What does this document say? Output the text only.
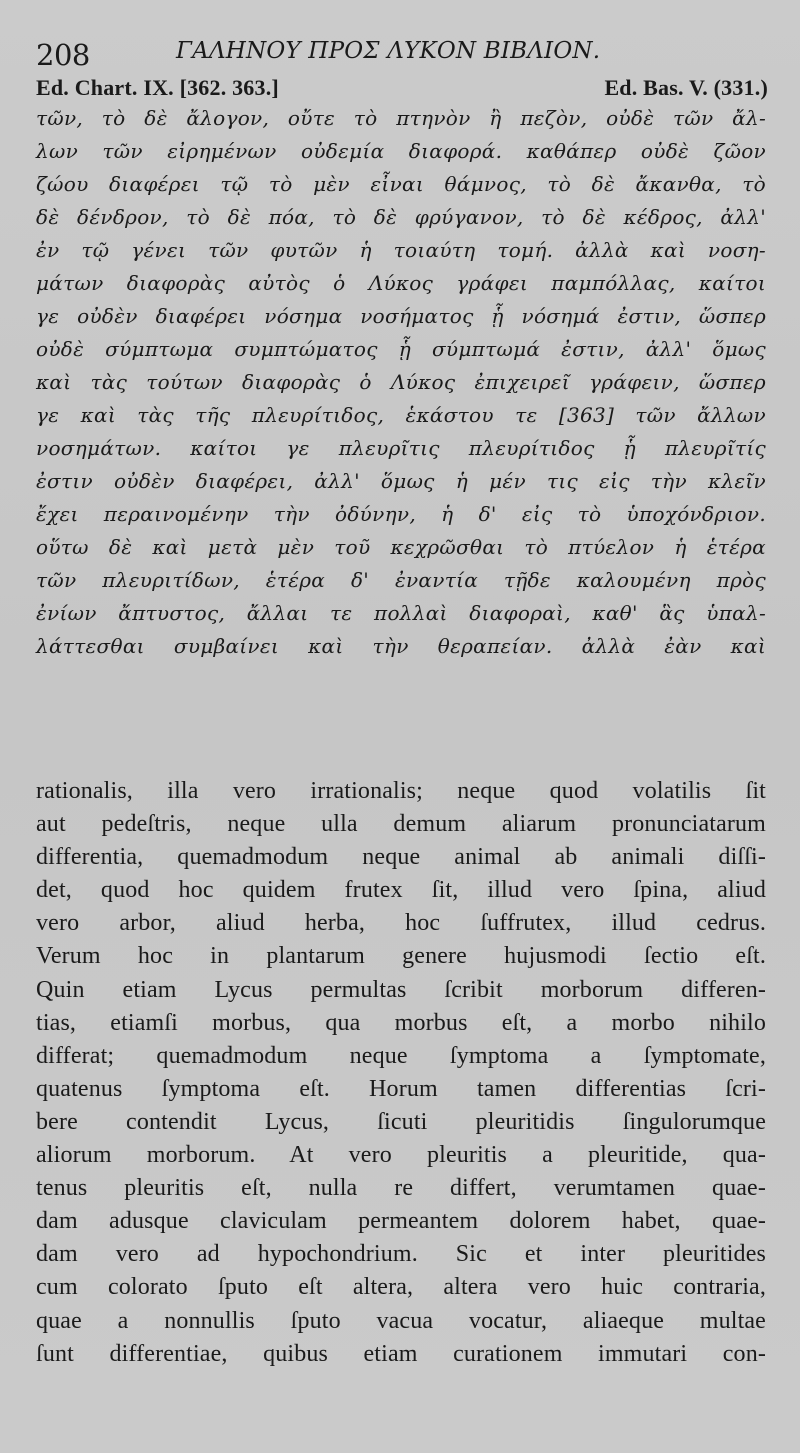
208	ΓΑΛΗΝΟΥ ΠΡΟΣ ΛΥΚΟΝ ΒΙΒΛΙΟΝ.
Ed. Chart. IX. [362. 363.]	Ed. Bas. V. (331.)
τῶν, τὸ δὲ ἄλογον, οὔτε τὸ πτηνὸν ἢ πεζὸν, οὐδὲ τῶν ἄλ-
λων τῶν εἰρημένων οὐδεμία διαφορά. καθάπερ οὐδὲ ζῶον
ζώου διαφέρει τῷ τὸ μὲν εἶναι θάμνος, τὸ δὲ ἄκανθα, τὸ
δὲ δένδρον, τὸ δὲ πόα, τὸ δὲ φρύγανον, τὸ δὲ κέδρος, ἀλλ'
ἐν τῷ γένει τῶν φυτῶν ἡ τοιαύτη τομή. ἀλλὰ καὶ νοση-
μάτων διαφορὰς αὐτὸς ὁ Λύκος γράφει παμπόλλας, καίτοι
γε οὐδὲν διαφέρει νόσημα νοσήματος ᾗ νόσημά ἐστιν, ὥσπερ
οὐδὲ σύμπτωμα συμπτώματος ᾗ σύμπτωμά ἐστιν, ἀλλ' ὅμως
καὶ τὰς τούτων διαφορὰς ὁ Λύκος ἐπιχειρεῖ γράφειν, ὥσπερ
γε καὶ τὰς τῆς πλευρίτιδος, ἑκάστου τε [363] τῶν ἄλλων
νοσημάτων. καίτοι γε πλευρῖτις πλευρίτιδος ᾗ πλευρῖτίς
ἐστιν οὐδὲν διαφέρει, ἀλλ' ὅμως ἡ μέν τις εἰς τὴν κλεῖν
ἔχει περαινομένην τὴν ὀδύνην, ἡ δ' εἰς τὸ ὑποχόνδριον.
οὕτω δὲ καὶ μετὰ μὲν τοῦ κεχρῶσθαι τὸ πτύελον ἡ ἑτέρα
τῶν πλευριτίδων, ἑτέρα δ' ἐναντία τῇδε καλουμένη πρὸς
ἐνίων ἄπτυστος, ἄλλαι τε πολλαὶ διαφοραὶ, καθ' ἃς ὑπαλ-
λάττεσθαι συμβαίνει καὶ τὴν θεραπείαν. ἀλλὰ ἐὰν καὶ
rationalis, illa vero irrationalis; neque quod volatilis ſit
aut pedeſtris, neque ulla demum aliarum pronunciatarum
differentia, quemadmodum neque animal ab animali diſſi-
det, quod hoc quidem frutex ſit, illud vero ſpina, aliud
vero arbor, aliud herba, hoc ſuffrutex, illud cedrus.
Verum hoc in plantarum genere hujusmodi ſectio eſt.
Quin etiam Lycus permultas ſcribit morborum differen-
tias, etiamſi morbus, qua morbus eſt, a morbo nihilo
differat; quemadmodum neque ſymptoma a ſymptomate,
quatenus ſymptoma eſt. Horum tamen differentias ſcri-
bere contendit Lycus, ſicuti pleuritidis ſingulorumque
aliorum morborum. At vero pleuritis a pleuritide, qua-
tenus pleuritis eſt, nulla re differt, verumtamen quae-
dam adusque claviculam permeantem dolorem habet, quae-
dam vero ad hypochondrium. Sic et inter pleuritides
cum colorato ſputo eſt altera, altera vero huic contraria,
quae a nonnullis ſputo vacua vocatur, aliaeque multae
ſunt differentiae, quibus etiam curationem immutari con-
